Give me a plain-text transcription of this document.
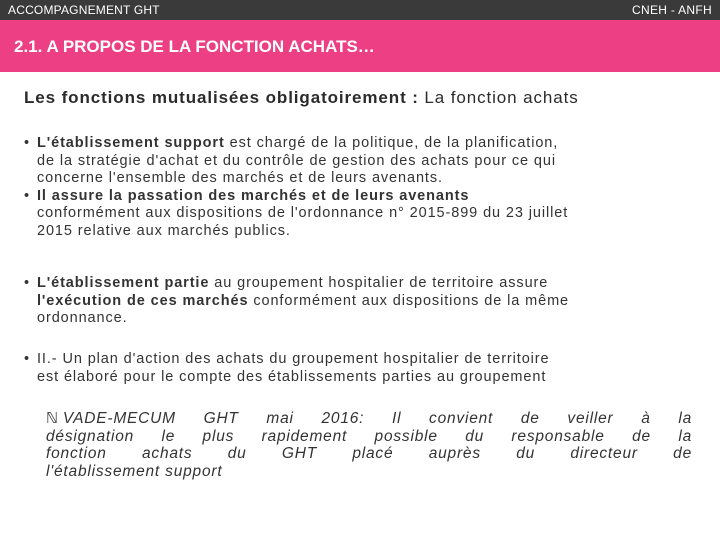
ACCOMPAGNEMENT GHT	CNEH - ANFH
2.1. A PROPOS DE LA FONCTION ACHATS…
Les fonctions mutualisées obligatoirement : La fonction achats
• L'établissement support est chargé de la politique, de la planification,
de la stratégie d'achat et du contrôle de gestion des achats pour ce qui
concerne l'ensemble des marchés et de leurs avenants.
• Il assure la passation des marchés et de leurs avenants
conformément aux dispositions de l'ordonnance n° 2015-899 du 23 juillet
2015 relative aux marchés publics.
• L'établissement partie au groupement hospitalier de territoire assure
l'exécution de ces marchés conformément aux dispositions de la même
ordonnance.
• II.- Un plan d'action des achats du groupement hospitalier de territoire
est élaboré pour le compte des établissements parties au groupement
ℕ VADE-MECUM GHT mai 2016: Il convient de veiller à la
désignation le plus rapidement possible du responsable de la
fonction achats du GHT placé auprès du directeur de
l'établissement support
